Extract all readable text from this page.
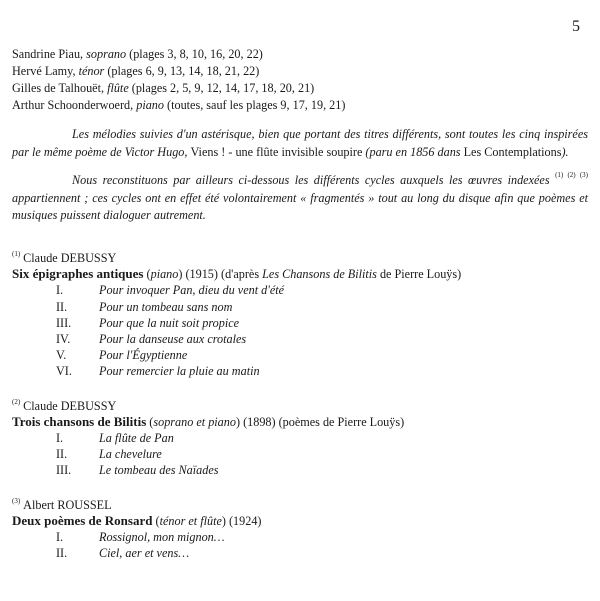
5
Sandrine Piau, soprano (plages 3, 8, 10, 16, 20, 22)
Hervé Lamy, ténor (plages 6, 9, 13, 14, 18, 21, 22)
Gilles de Talhouët, flûte (plages 2, 5, 9, 12, 14, 17, 18, 20, 21)
Arthur Schoonderwoerd, piano (toutes, sauf les plages 9, 17, 19, 21)

Les mélodies suivies d'un astérisque, bien que portant des titres différents, sont toutes les cinq inspirées par le même poème de Victor Hugo, Viens ! - une flûte invisible soupire (paru en 1856 dans Les Contemplations).

Nous reconstituons par ailleurs ci-dessous les différents cycles auxquels les œuvres indexées $^{(1) (2) (3)}$ appartiennent ; ces cycles ont en effet été volontairement « fragmentés » tout au long du disque afin que poèmes et musiques puissent dialoguer autrement.

$^{(1)}$ Claude DEBUSSY
Six épigraphes antiques (piano) (1915) (d'après Les Chansons de Bilitis de Pierre Louÿs)
I.	Pour invoquer Pan, dieu du vent d'été
II.	Pour un tombeau sans nom
III. Pour que la nuit soit propice
IV. Pour la danseuse aux crotales
V.	Pour l'Égyptienne
VI. Pour remercier la pluie au matin
$^{(2)}$ Claude DEBUSSY
Trois chansons de Bilitis (soprano et piano) (1898) (poèmes de Pierre Louÿs)
I.	La flûte de Pan
II.	La chevelure
III. Le tombeau des Naïades
$^{(3)}$ Albert ROUSSEL
Deux poèmes de Ronsard (ténor et flûte) (1924)
I.	Rossignol, mon mignon…
II.	Ciel, aer et vens…
